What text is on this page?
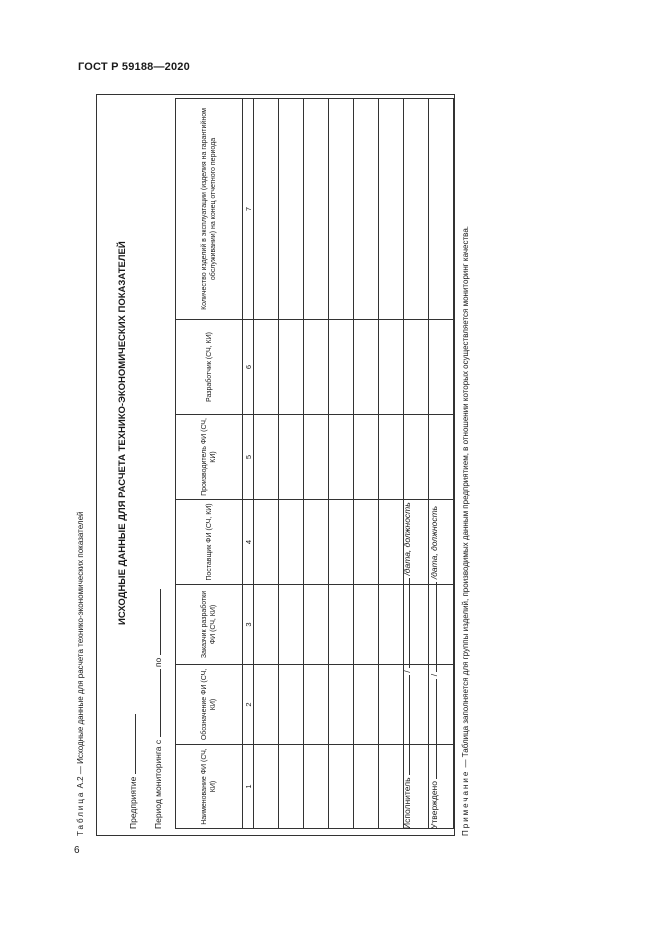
ГОСТ Р 59188—2020
Таблица А.2 — Исходные данные для расчета технико-экономических показателей
Предприятие
ИСХОДНЫЕ ДАННЫЕ ДЛЯ РАСЧЕТА ТЕХНИКО-ЭКОНОМИЧЕСКИХ ПОКАЗАТЕЛЕЙ
Период мониторинга с  по
Наименование ФИ (СЧ, КИ)	Обозначение ФИ (СЧ, КИ)	Заказчик разработки ФИ (СЧ, КИ)	Поставщик ФИ (СЧ, КИ)	Производитель ФИ (СЧ, КИ)	Разработчик (СЧ, КИ)	Количество изделий в эксплуатации (изделия на гарантийном обслуживании) на конец отчетного периода
1	2	3	4	5	6	7

Исполнитель  /  /дата, должность
Утверждено  /  /дата, должность
Примечание — Таблица заполняется для группы изделий, производимых данным предприятием, в отношении которых осуществляется мониторинг качества.
6
